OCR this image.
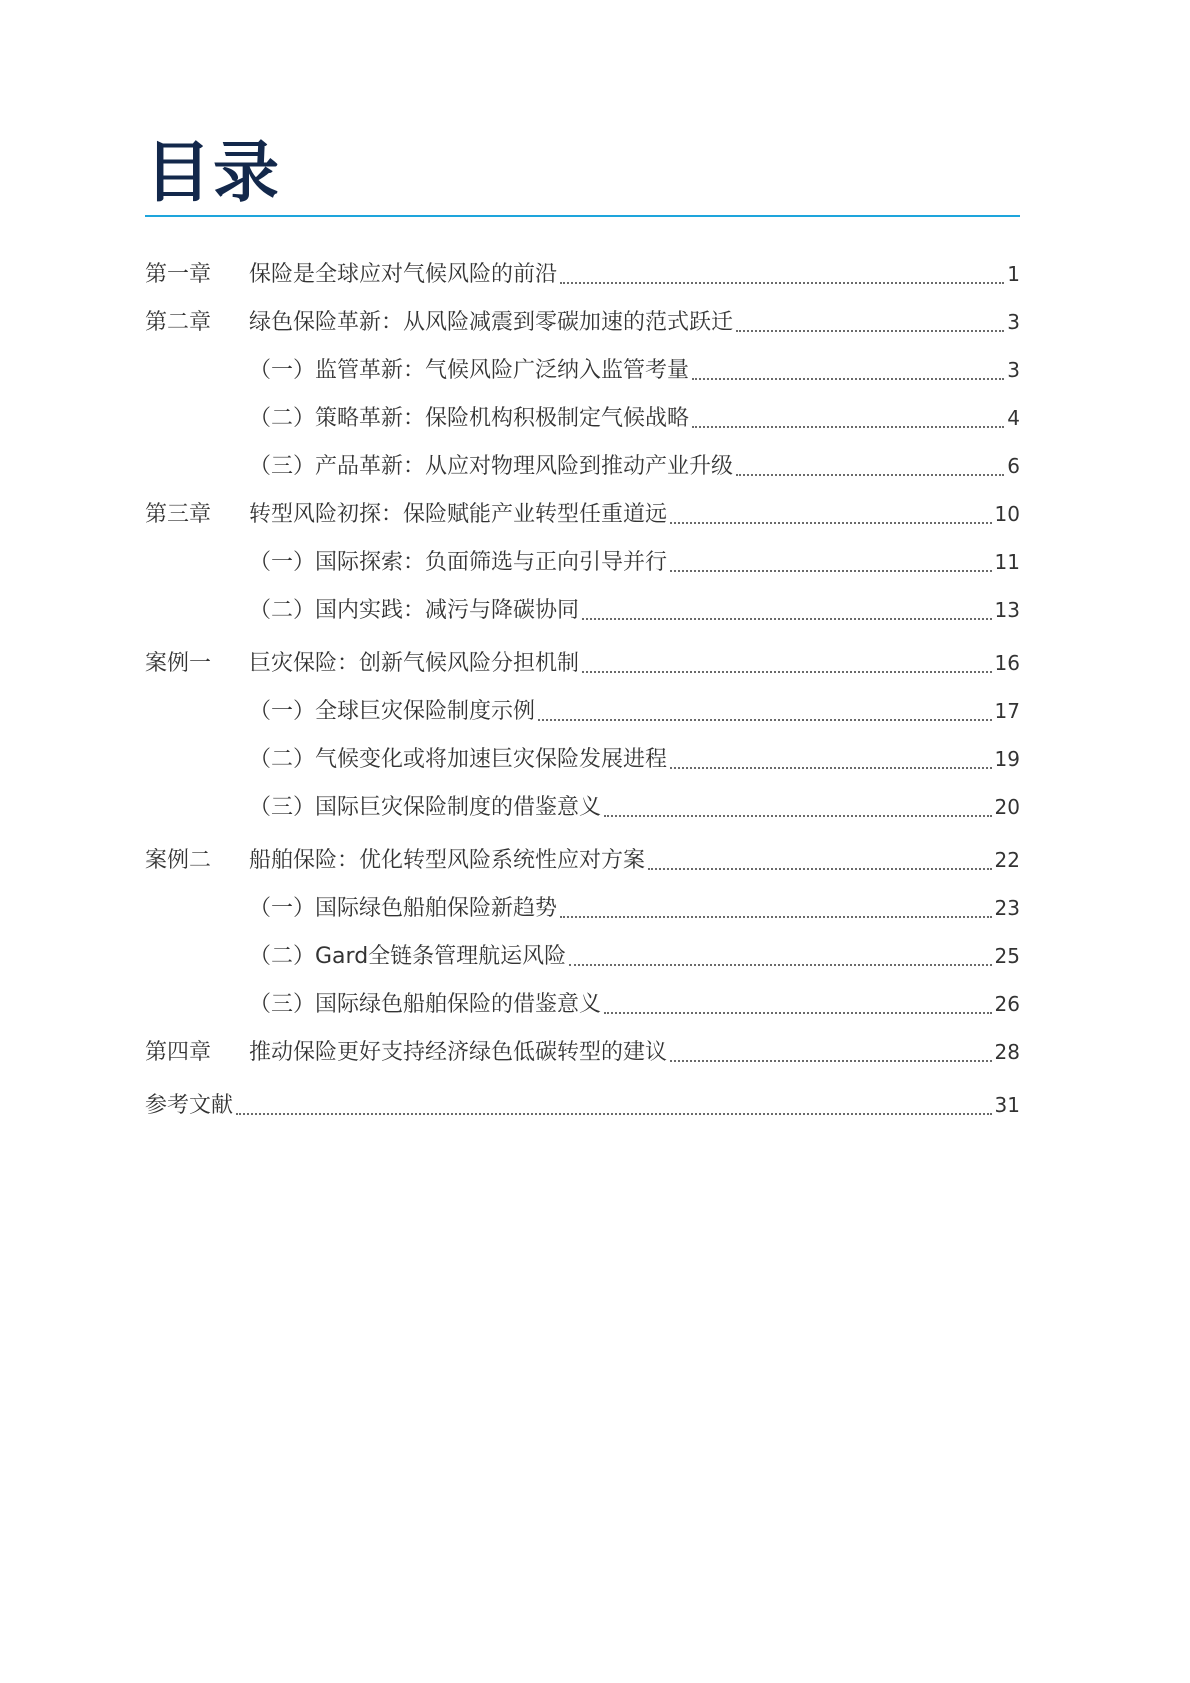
目录
第一章	保险是全球应对气候风险的前沿	1
第二章	绿色保险革新：从风险减震到零碳加速的范式跃迁	3
（一）监管革新：气候风险广泛纳入监管考量	3
（二）策略革新：保险机构积极制定气候战略	4
（三）产品革新：从应对物理风险到推动产业升级	6
第三章	转型风险初探：保险赋能产业转型任重道远	10
（一）国际探索：负面筛选与正向引导并行	11
（二）国内实践：减污与降碳协同	13
案例一	巨灾保险：创新气候风险分担机制	16
（一）全球巨灾保险制度示例	17
（二）气候变化或将加速巨灾保险发展进程	19
（三）国际巨灾保险制度的借鉴意义	20
案例二	船舶保险：优化转型风险系统性应对方案	22
（一）国际绿色船舶保险新趋势	23
（二）Gard全链条管理航运风险	25
（三）国际绿色船舶保险的借鉴意义	26
第四章	推动保险更好支持经济绿色低碳转型的建议	28
参考文献	31
